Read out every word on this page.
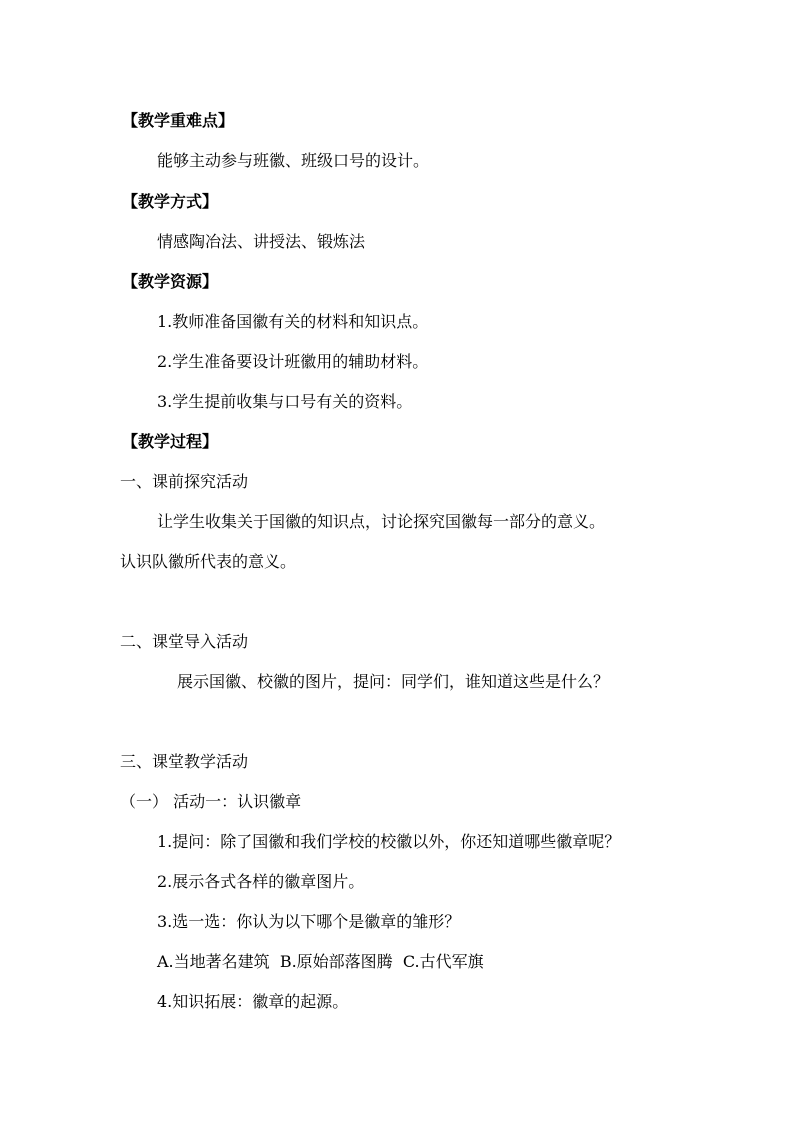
【教学重难点】
能够主动参与班徽、班级口号的设计。
【教学方式】
情感陶冶法、讲授法、锻炼法
【教学资源】
1.教师准备国徽有关的材料和知识点。
2.学生准备要设计班徽用的辅助材料。
3.学生提前收集与口号有关的资料。
【教学过程】
一、课前探究活动
让学生收集关于国徽的知识点，讨论探究国徽每一部分的意义。
认识队徽所代表的意义。
二、课堂导入活动
展示国徽、校徽的图片，提问：同学们，谁知道这些是什么？
三、课堂教学活动
（一） 活动一：认识徽章
1.提问：除了国徽和我们学校的校徽以外，你还知道哪些徽章呢？
2.展示各式各样的徽章图片。
3.选一选：你认为以下哪个是徽章的雏形？
A.当地著名建筑  B.原始部落图腾  C.古代军旗
4.知识拓展：徽章的起源。
